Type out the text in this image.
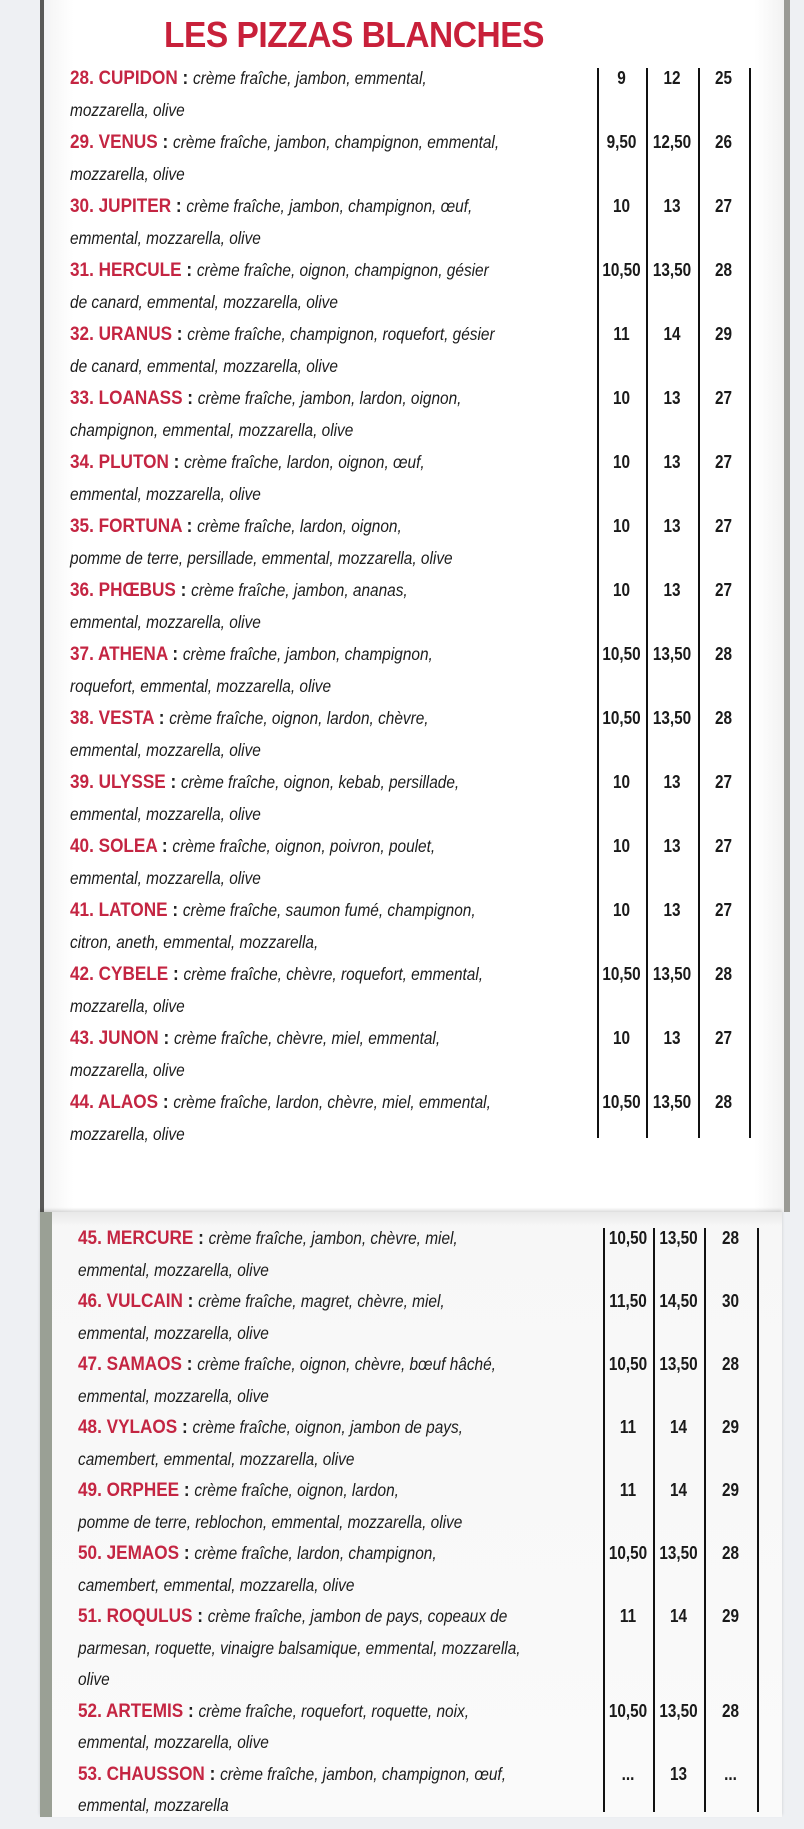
LES PIZZAS BLANCHES
28. CUPIDON : crème fraîche, jambon, emmental,
mozzarella, olive
9	12	25
29. VENUS : crème fraîche, jambon, champignon, emmental,
mozzarella, olive
9,50 12,50	26
30. JUPITER : crème fraîche, jambon, champignon, œuf,
emmental, mozzarella, olive
10	13	27
31. HERCULE : crème fraîche, oignon, champignon, gésier
de canard, emmental, mozzarella, olive
10,50 13,50	28
32. URANUS : crème fraîche, champignon, roquefort, gésier
de canard, emmental, mozzarella, olive
11	14	29
33. LOANASS : crème fraîche, jambon, lardon, oignon,
champignon, emmental, mozzarella, olive
10	13	27
34. PLUTON : crème fraîche, lardon, oignon, œuf,
emmental, mozzarella, olive
10	13	27
35. FORTUNA : crème fraîche, lardon, oignon,
pomme de terre, persillade, emmental, mozzarella, olive
10	13	27
36. PHŒBUS : crème fraîche, jambon, ananas,
emmental, mozzarella, olive
10	13	27
37. ATHENA : crème fraîche, jambon, champignon,
roquefort, emmental, mozzarella, olive
10,50 13,50	28
38. VESTA : crème fraîche, oignon, lardon, chèvre,
emmental, mozzarella, olive
10,50 13,50	28
39. ULYSSE : crème fraîche, oignon, kebab, persillade,
emmental, mozzarella, olive
10	13	27
40. SOLEA : crème fraîche, oignon, poivron, poulet,
emmental, mozzarella, olive
10	13	27
41. LATONE : crème fraîche, saumon fumé, champignon,
citron, aneth, emmental, mozzarella,
10	13	27
42. CYBELE : crème fraîche, chèvre, roquefort, emmental,
mozzarella, olive
10,50 13,50	28
43. JUNON : crème fraîche, chèvre, miel, emmental,
mozzarella, olive
10	13	27
44. ALAOS : crème fraîche, lardon, chèvre, miel, emmental,
mozzarella, olive
10,50 13,50	28
45. MERCURE : crème fraîche, jambon, chèvre, miel,
emmental, mozzarella, olive
10,50 13,50	28
46. VULCAIN : crème fraîche, magret, chèvre, miel,
emmental, mozzarella, olive
11,50 14,50	30
47. SAMAOS : crème fraîche, oignon, chèvre, bœuf hâché,
emmental, mozzarella, olive
10,50 13,50	28
48. VYLAOS : crème fraîche, oignon, jambon de pays,
camembert, emmental, mozzarella, olive
11	14	29
49. ORPHEE : crème fraîche, oignon, lardon,
pomme de terre, reblochon, emmental, mozzarella, olive
11	14	29
50. JEMAOS : crème fraîche, lardon, champignon,
camembert, emmental, mozzarella, olive
10,50 13,50	28
51. ROQULUS : crème fraîche, jambon de pays, copeaux de
parmesan, roquette, vinaigre balsamique, emmental, mozzarella,
olive
11	14	29
52. ARTEMIS : crème fraîche, roquefort, roquette, noix,
emmental, mozzarella, olive
10,50 13,50	28
53. CHAUSSON : crème fraîche, jambon, champignon, œuf,
emmental, mozzarella
...	13	...
